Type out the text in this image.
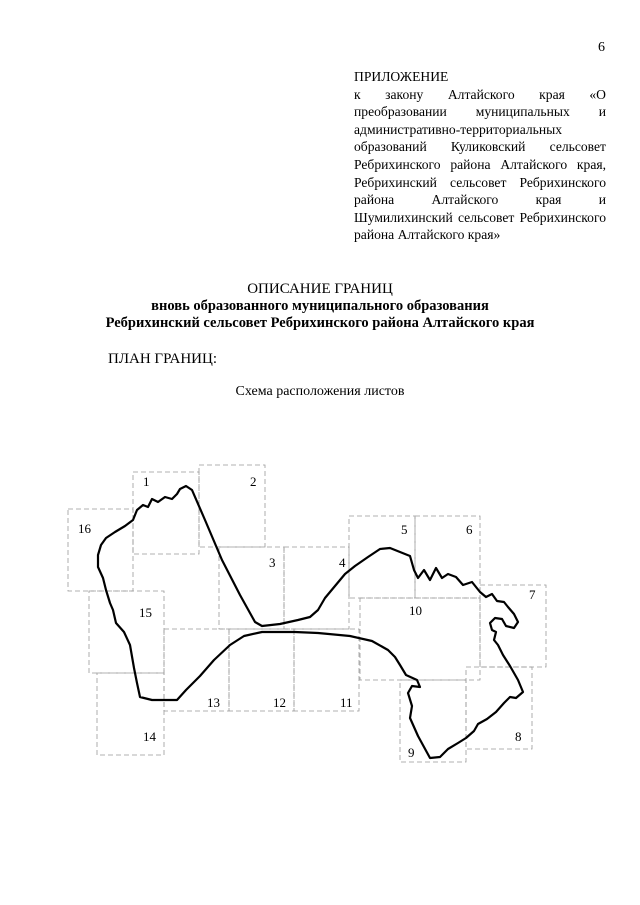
6
ПРИЛОЖЕНИЕ
к закону Алтайского края «О преобразовании муниципальных и административно-территориальных образований Куликовский сельсовет Ребрихинского района Алтайского края, Ребрихинский сельсовет Ребрихинского района Алтайского края и Шумилихинский сельсовет Ребрихинского района Алтайского края»
ОПИСАНИЕ ГРАНИЦ
вновь образованного муниципального образования
Ребрихинский сельсовет Ребрихинского района Алтайского края
ПЛАН ГРАНИЦ:
Схема расположения листов
1	2
3	4
5	6
7
8
9
10
11
12
13
14
15
16
